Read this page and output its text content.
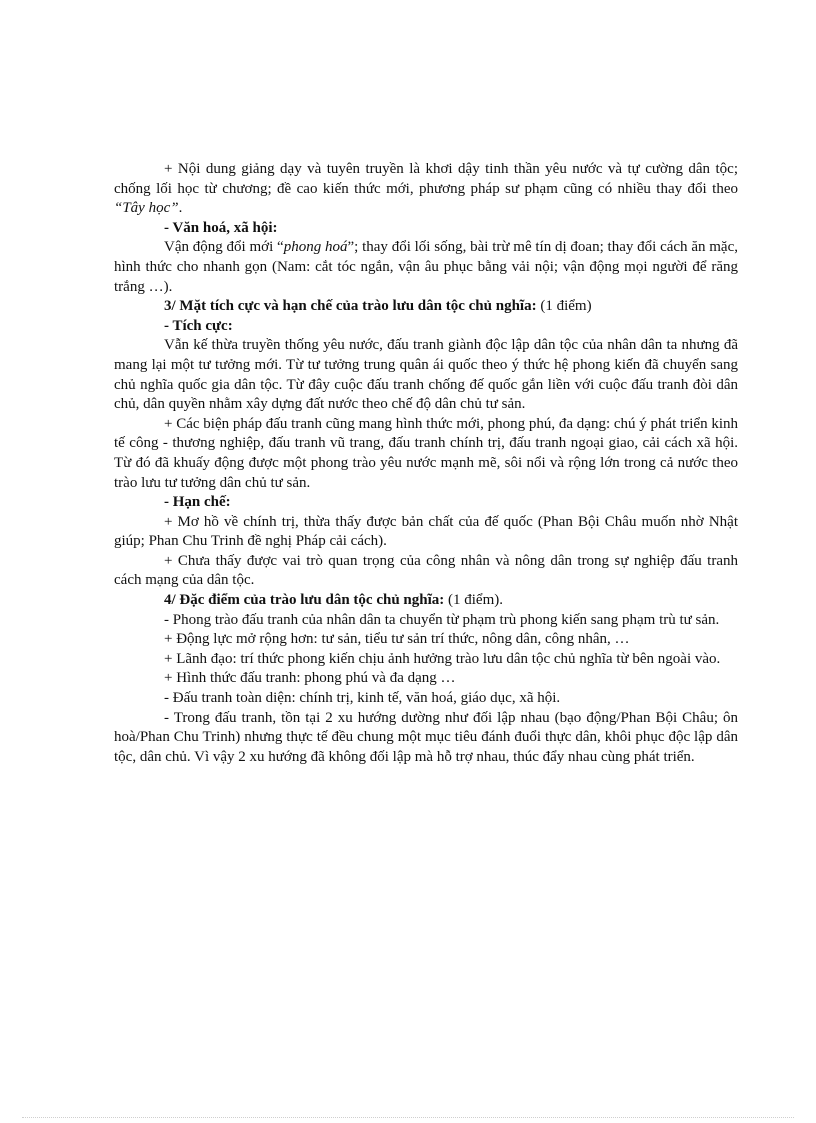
+ Nội dung giảng dạy và tuyên truyền là khơi dậy tinh thần yêu nước và tự cường dân tộc; chống lối học từ chương; đề cao kiến thức mới, phương pháp sư phạm cũng có nhiều thay đổi theo “Tây học”.

- Văn hoá, xã hội:

Vận động đổi mới “phong hoá”; thay đổi lối sống, bài trừ mê tín dị đoan; thay đổi cách ăn mặc, hình thức cho nhanh gọn (Nam: cắt tóc ngắn, vận âu phục bằng vải nội; vận động mọi người để răng trắng …).

3/ Mặt tích cực và hạn chế của trào lưu dân tộc chủ nghĩa: (1 điểm)

- Tích cực:

Vẫn kế thừa truyền thống yêu nước, đấu tranh giành độc lập dân tộc của nhân dân ta nhưng đã mang lại một tư tưởng mới. Từ tư tưởng trung quân ái quốc theo ý thức hệ phong kiến đã chuyển sang chủ nghĩa quốc gia dân tộc. Từ đây cuộc đấu tranh chống đế quốc gắn liền với cuộc đấu tranh đòi dân chủ, dân quyền nhằm xây dựng đất nước theo chế độ dân chủ tư sản.

+ Các biện pháp đấu tranh cũng mang hình thức mới, phong phú, đa dạng: chú ý phát triển kinh tế công - thương nghiệp, đấu tranh vũ trang, đấu tranh chính trị, đấu tranh ngoại giao, cải cách xã hội. Từ đó đã khuấy động được một phong trào yêu nước mạnh mẽ, sôi nổi và rộng lớn trong cả nước theo trào lưu tư tưởng dân chủ tư sản.

- Hạn chế:

+ Mơ hồ về chính trị, thừa thấy được bản chất của đế quốc (Phan Bội Châu muốn nhờ Nhật giúp; Phan Chu Trinh đề nghị Pháp cải cách).

+ Chưa thấy được vai trò quan trọng của công nhân và nông dân trong sự nghiệp đấu tranh cách mạng của dân tộc.

4/ Đặc điểm của trào lưu dân tộc chủ nghĩa: (1 điểm).

- Phong trào đấu tranh của nhân dân ta chuyển từ phạm trù phong kiến sang phạm trù tư sản.

+ Động lực mở rộng hơn: tư sản, tiểu tư sản trí thức, nông dân, công nhân, …

+ Lãnh đạo: trí thức phong kiến chịu ảnh hưởng trào lưu dân tộc chủ nghĩa từ bên ngoài vào.

+ Hình thức đấu tranh: phong phú và đa dạng …

- Đấu tranh toàn diện: chính trị, kinh tế, văn hoá, giáo dục, xã hội.

- Trong đấu tranh, tồn tại 2 xu hướng dường như đối lập nhau (bạo động/Phan Bội Châu; ôn hoà/Phan Chu Trinh) nhưng thực tế đều chung một mục tiêu đánh đuổi thực dân, khôi phục độc lập dân tộc, dân chủ. Vì vậy 2 xu hướng đã không đối lập mà hỗ trợ nhau, thúc đẩy nhau cùng phát triển.
